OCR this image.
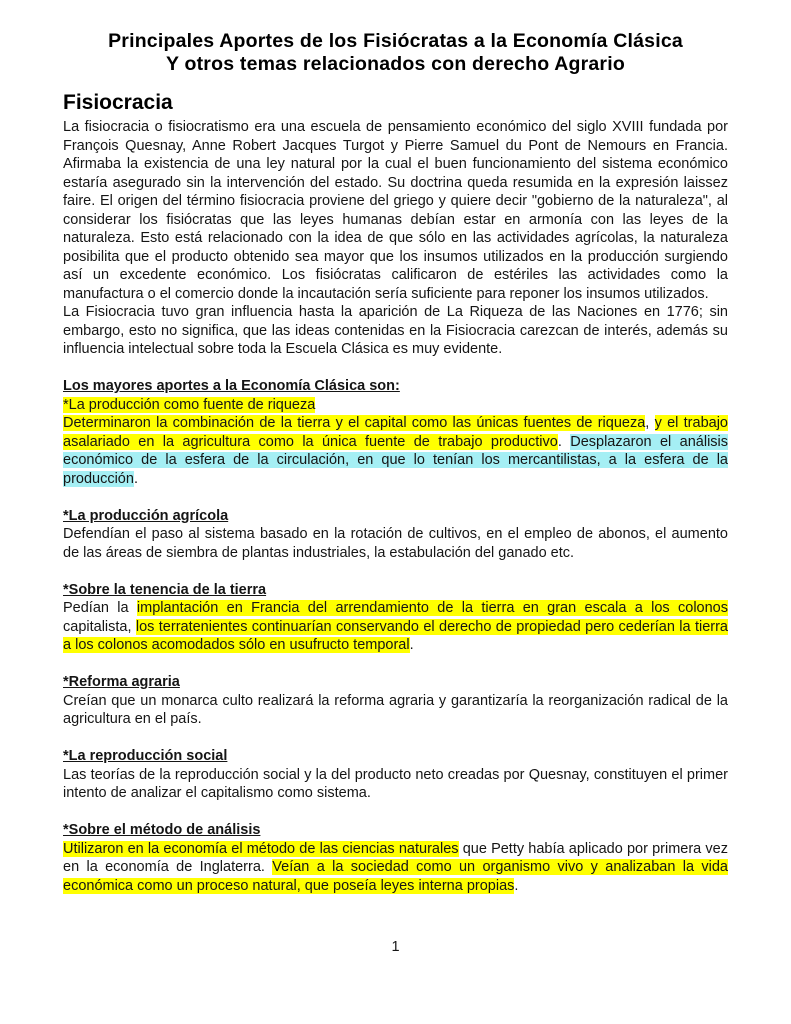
Principales Aportes de los Fisiócratas a la Economía Clásica
Y otros temas relacionados con derecho Agrario
Fisiocracia

La fisiocracia o fisiocratismo era una escuela de pensamiento económico del siglo XVIII fundada por François Quesnay, Anne Robert Jacques Turgot y Pierre Samuel du Pont de Nemours en Francia. Afirmaba la existencia de una ley natural por la cual el buen funcionamiento del sistema económico estaría asegurado sin la intervención del estado. Su doctrina queda resumida en la expresión laissez faire. El origen del término fisiocracia proviene del griego y quiere decir "gobierno de la naturaleza", al considerar los fisiócratas que las leyes humanas debían estar en armonía con las leyes de la naturaleza. Esto está relacionado con la idea de que sólo en las actividades agrícolas, la naturaleza posibilita que el producto obtenido sea mayor que los insumos utilizados en la producción surgiendo así un excedente económico. Los fisiócratas calificaron de estériles las actividades como la manufactura o el comercio donde la incautación sería suficiente para reponer los insumos utilizados.

La Fisiocracia tuvo gran influencia hasta la aparición de La Riqueza de las Naciones en 1776; sin embargo, esto no significa, que las ideas contenidas en la Fisiocracia carezcan de interés, además su influencia intelectual sobre toda la Escuela Clásica es muy evidente.

Los mayores aportes a la Economía Clásica son:

*La producción como fuente de riqueza

Determinaron la combinación de la tierra y el capital como las únicas fuentes de riqueza, y el trabajo asalariado en la agricultura como la única fuente de trabajo productivo. Desplazaron el análisis económico de la esfera de la circulación, en que lo tenían los mercantilistas, a la esfera de la producción.

*La producción agrícola

Defendían el paso al sistema basado en la rotación de cultivos, en el empleo de abonos, el aumento de las áreas de siembra de plantas industriales, la estabulación del ganado etc.

*Sobre la tenencia de la tierra

Pedían la implantación en Francia del arrendamiento de la tierra en gran escala a los colonos capitalista, los terratenientes continuarían conservando el derecho de propiedad pero cederían la tierra a los colonos acomodados sólo en usufructo temporal.

*Reforma agraria

Creían que un monarca culto realizará la reforma agraria y garantizaría la reorganización radical de la agricultura en el país.

*La reproducción social

Las teorías de la reproducción social y la del producto neto creadas por Quesnay, constituyen el primer intento de analizar el capitalismo como sistema.

*Sobre el método de análisis

Utilizaron en la economía el método de las ciencias naturales que Petty había aplicado por primera vez en la economía de Inglaterra. Veían a la sociedad como un organismo vivo y analizaban la vida económica como un proceso natural, que poseía leyes interna propias.

1
